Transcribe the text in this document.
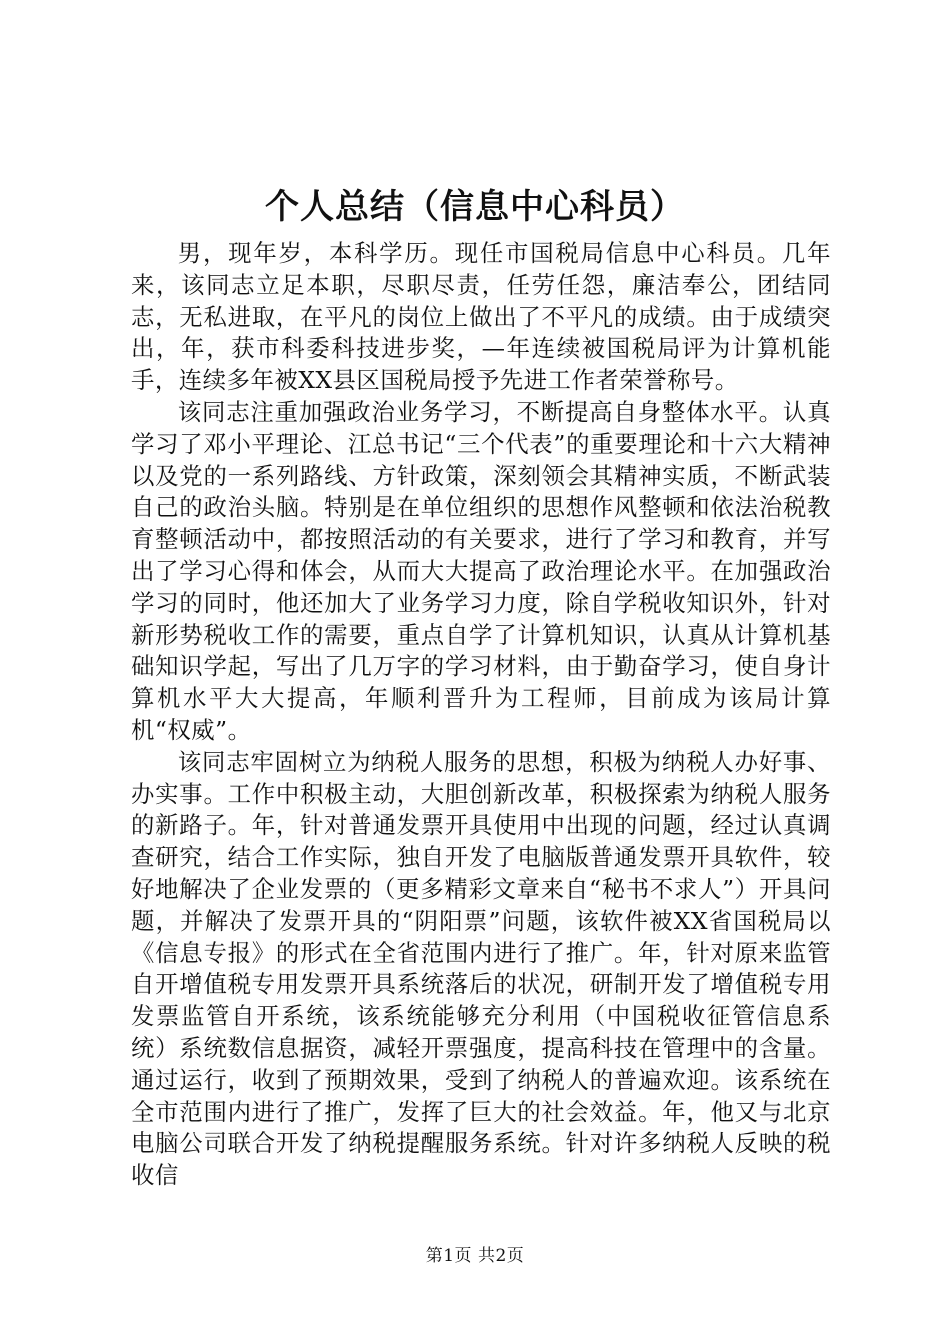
个人总结（信息中心科员）

男，现年岁，本科学历。现任市国税局信息中心科员。几年来，该同志立足本职，尽职尽责，任劳任怨，廉洁奉公，团结同志，无私进取，在平凡的岗位上做出了不平凡的成绩。由于成绩突出，年，获市科委科技进步奖，—年连续被国税局评为计算机能手，连续多年被XX县区国税局授予先进工作者荣誉称号。

该同志注重加强政治业务学习，不断提高自身整体水平。认真学习了邓小平理论、江总书记“三个代表”的重要理论和十六大精神以及党的一系列路线、方针政策，深刻领会其精神实质，不断武装自己的政治头脑。特别是在单位组织的思想作风整顿和依法治税教育整顿活动中，都按照活动的有关要求，进行了学习和教育，并写出了学习心得和体会，从而大大提高了政治理论水平。在加强政治学习的同时，他还加大了业务学习力度，除自学税收知识外，针对新形势税收工作的需要，重点自学了计算机知识，认真从计算机基础知识学起，写出了几万字的学习材料，由于勤奋学习，使自身计算机水平大大提高，年顺利晋升为工程师，目前成为该局计算机“权威”。

该同志牢固树立为纳税人服务的思想，积极为纳税人办好事、办实事。工作中积极主动，大胆创新改革，积极探索为纳税人服务的新路子。年，针对普通发票开具使用中出现的问题，经过认真调查研究，结合工作实际，独自开发了电脑版普通发票开具软件，较好地解决了企业发票的（更多精彩文章来自“秘书不求人”）开具问题，并解决了发票开具的“阴阳票”问题，该软件被XX省国税局以《信息专报》的形式在全省范围内进行了推广。年，针对原来监管自开增值税专用发票开具系统落后的状况，研制开发了增值税专用发票监管自开系统，该系统能够充分利用（中国税收征管信息系统）系统数信息据资，减轻开票强度，提高科技在管理中的含量。通过运行，收到了预期效果，受到了纳税人的普遍欢迎。该系统在全市范围内进行了推广，发挥了巨大的社会效益。年，他又与北京电脑公司联合开发了纳税提醒服务系统。针对许多纳税人反映的税收信

第1页 共2页
